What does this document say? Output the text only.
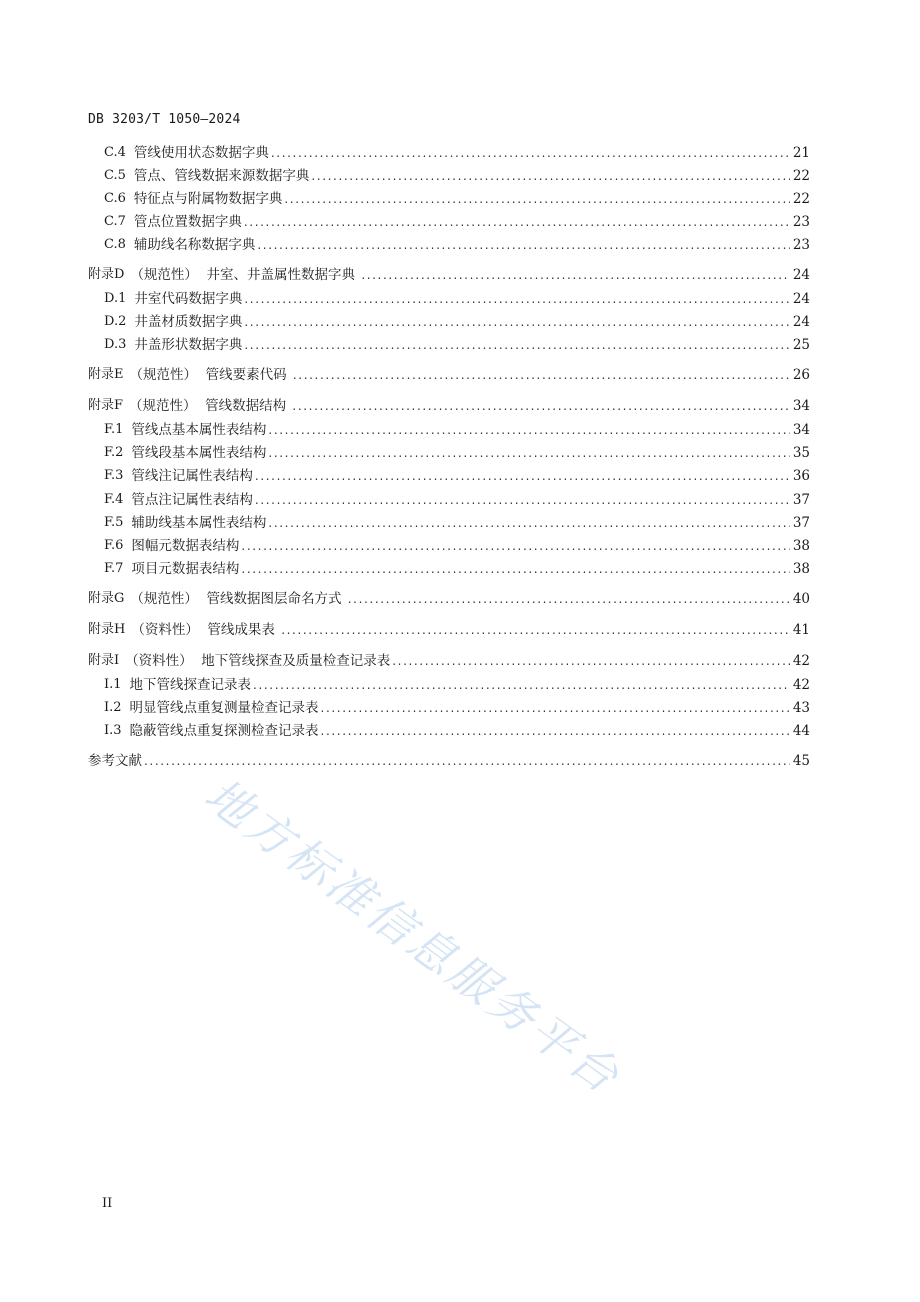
DB 3203/T 1050—2024
C.4 管线使用状态数据字典 .....	21
C.5 管点、管线数据来源数据字典 .....	22
C.6 特征点与附属物数据字典 .....	22
C.7 管点位置数据字典 .....	23
C.8 辅助线名称数据字典 .....	23
附录D （规范性）  井室、井盖属性数据字典 .....	24
D.1 井室代码数据字典 .....	24
D.2 井盖材质数据字典 .....	24
D.3 井盖形状数据字典 .....	25
附录E （规范性）  管线要素代码 .....	26
附录F （规范性）  管线数据结构 .....	34
F.1 管线点基本属性表结构 .....	34
F.2 管线段基本属性表结构 .....	35
F.3 管线注记属性表结构 .....	36
F.4 管点注记属性表结构 .....	37
F.5 辅助线基本属性表结构 .....	37
F.6 图幅元数据表结构 .....	38
F.7 项目元数据表结构 .....	38
附录G （规范性）  管线数据图层命名方式 .....	40
附录H （资料性）  管线成果表 .....	41
附录I （资料性）  地下管线探查及质量检查记录表 .....	42
I.1 地下管线探查记录表 .....	42
I.2 明显管线点重复测量检查记录表 .....	43
I.3 隐蔽管线点重复探测检查记录表 .....	44
参考文献 .....	45
地方标准信息服务平台
II
